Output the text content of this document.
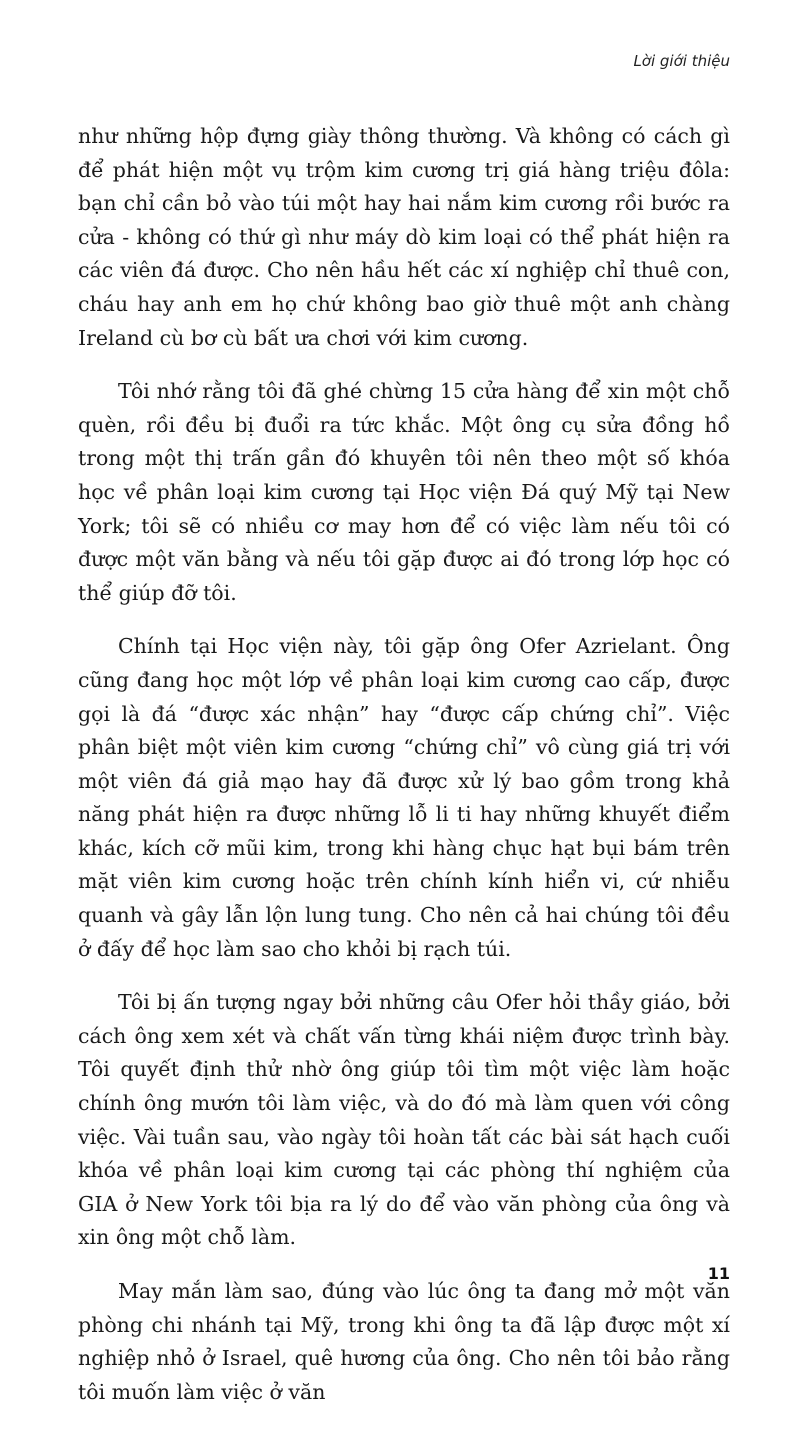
Lời giới thiệu

như những hộp đựng giày thông thường. Và không có cách gì để phát hiện một vụ trộm kim cương trị giá hàng triệu đôla: bạn chỉ cần bỏ vào túi một hay hai nắm kim cương rồi bước ra cửa - không có thứ gì như máy dò kim loại có thể phát hiện ra các viên đá được. Cho nên hầu hết các xí nghiệp chỉ thuê con, cháu hay anh em họ chứ không bao giờ thuê một anh chàng Ireland cù bơ cù bất ưa chơi với kim cương.

Tôi nhớ rằng tôi đã ghé chừng 15 cửa hàng để xin một chỗ quèn, rồi đều bị đuổi ra tức khắc. Một ông cụ sửa đồng hồ trong một thị trấn gần đó khuyên tôi nên theo một số khóa học về phân loại kim cương tại Học viện Đá quý Mỹ tại New York; tôi sẽ có nhiều cơ may hơn để có việc làm nếu tôi có được một văn bằng và nếu tôi gặp được ai đó trong lớp học có thể giúp đỡ tôi.

Chính tại Học viện này, tôi gặp ông Ofer Azrielant. Ông cũng đang học một lớp về phân loại kim cương cao cấp, được gọi là đá “được xác nhận” hay “được cấp chứng chỉ”. Việc phân biệt một viên kim cương “chứng chỉ” vô cùng giá trị với một viên đá giả mạo hay đã được xử lý bao gồm trong khả năng phát hiện ra được những lỗ li ti hay những khuyết điểm khác, kích cỡ mũi kim, trong khi hàng chục hạt bụi bám trên mặt viên kim cương hoặc trên chính kính hiển vi, cứ nhiễu quanh và gây lẫn lộn lung tung. Cho nên cả hai chúng tôi đều ở đấy để học làm sao cho khỏi bị rạch túi.

Tôi bị ấn tượng ngay bởi những câu Ofer hỏi thầy giáo, bởi cách ông xem xét và chất vấn từng khái niệm được trình bày. Tôi quyết định thử nhờ ông giúp tôi tìm một việc làm hoặc chính ông mướn tôi làm việc, và do đó mà làm quen với công việc. Vài tuần sau, vào ngày tôi hoàn tất các bài sát hạch cuối khóa về phân loại kim cương tại các phòng thí nghiệm của GIA ở New York tôi bịa ra lý do để vào văn phòng của ông và xin ông một chỗ làm.

May mắn làm sao, đúng vào lúc ông ta đang mở một văn phòng chi nhánh tại Mỹ, trong khi ông ta đã lập được một xí nghiệp nhỏ ở Israel, quê hương của ông. Cho nên tôi bảo rằng tôi muốn làm việc ở văn

11
